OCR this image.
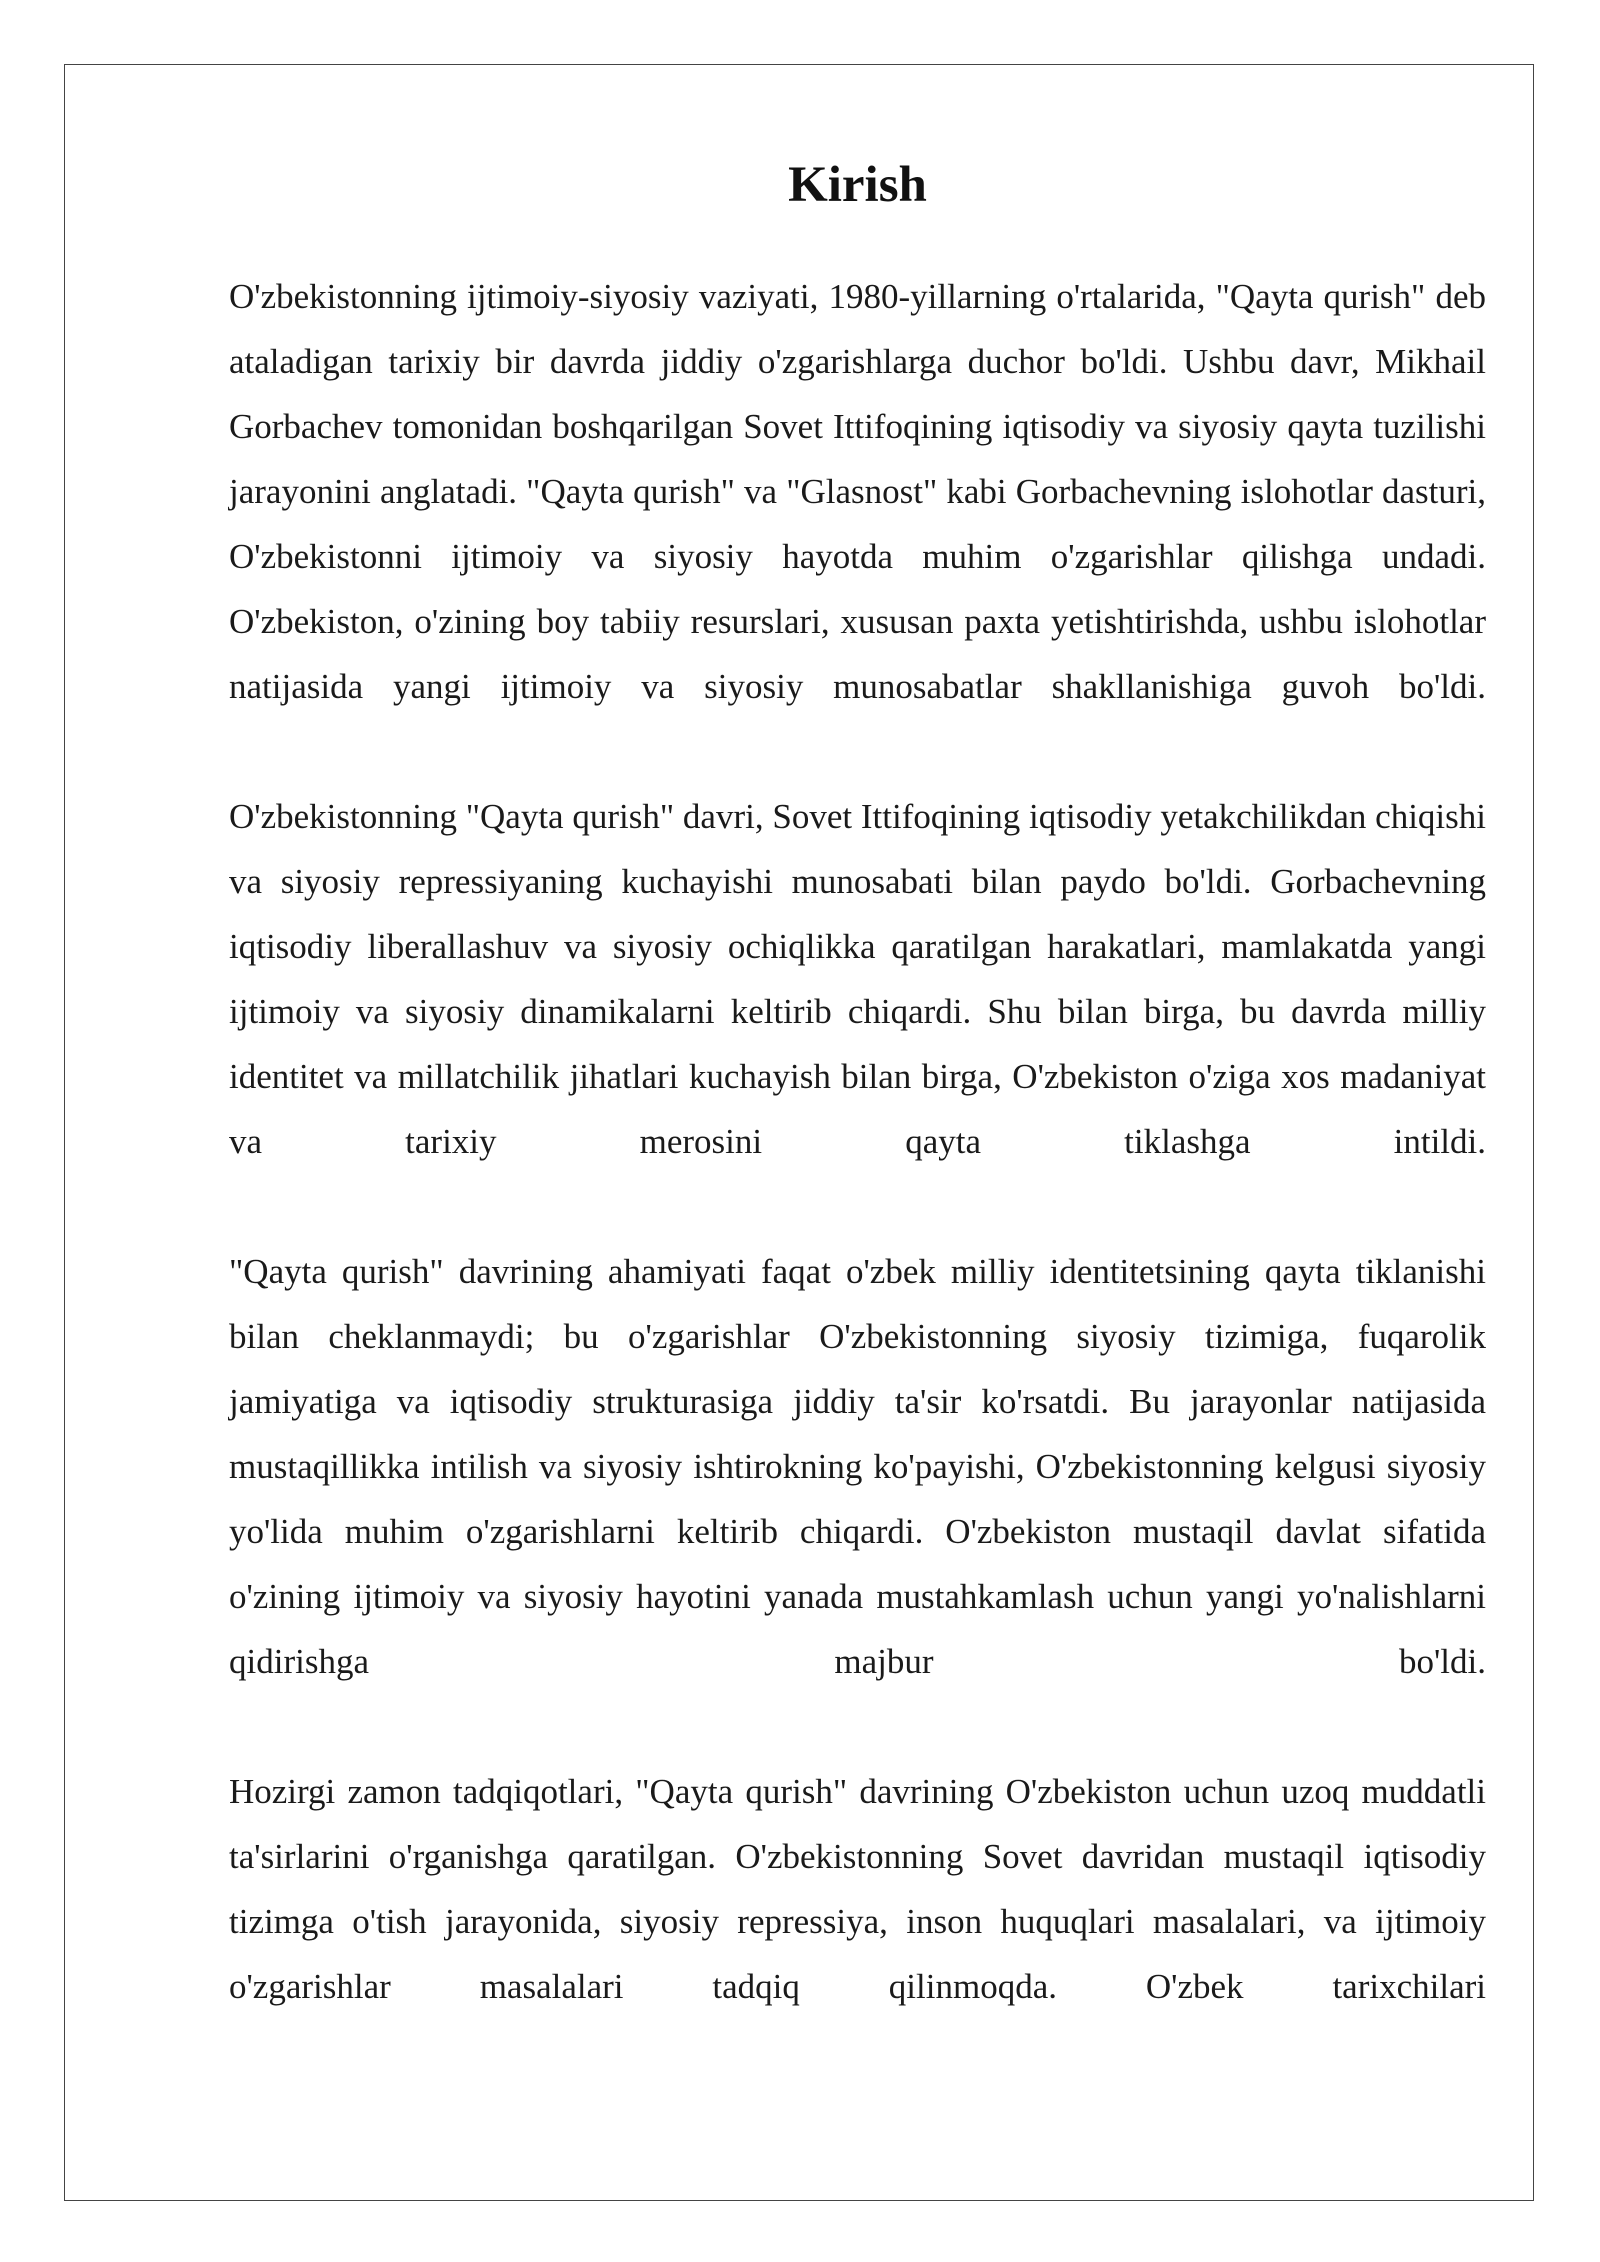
Kirish

O'zbekistonning ijtimoiy-siyosiy vaziyati, 1980-yillarning o'rtalarida, "Qayta qurish" deb ataladigan tarixiy bir davrda jiddiy o'zgarishlarga duchor bo'ldi. Ushbu davr, Mikhail Gorbachev tomonidan boshqarilgan Sovet Ittifoqining iqtisodiy va siyosiy qayta tuzilishi jarayonini anglatadi. "Qayta qurish" va "Glasnost" kabi Gorbachevning islohotlar dasturi, O'zbekistonni ijtimoiy va siyosiy hayotda muhim o'zgarishlar qilishga undadi. O'zbekiston, o'zining boy tabiiy resurslari, xususan paxta yetishtirishda, ushbu islohotlar natijasida yangi ijtimoiy va siyosiy munosabatlar shakllanishiga guvoh bo'ldi.

O'zbekistonning "Qayta qurish" davri, Sovet Ittifoqining iqtisodiy yetakchilikdan chiqishi va siyosiy repressiyaning kuchayishi munosabati bilan paydo bo'ldi. Gorbachevning iqtisodiy liberallashuv va siyosiy ochiqlikka qaratilgan harakatlari, mamlakatda yangi ijtimoiy va siyosiy dinamikalarni keltirib chiqardi. Shu bilan birga, bu davrda milliy identitet va millatchilik jihatlari kuchayish bilan birga, O'zbekiston o'ziga xos madaniyat va tarixiy merosini qayta tiklashga intildi.

"Qayta qurish" davrining ahamiyati faqat o'zbek milliy identitetsining qayta tiklanishi bilan cheklanmaydi; bu o'zgarishlar O'zbekistonning siyosiy tizimiga, fuqarolik jamiyatiga va iqtisodiy strukturasiga jiddiy ta'sir ko'rsatdi. Bu jarayonlar natijasida mustaqillikka intilish va siyosiy ishtirokning ko'payishi, O'zbekistonning kelgusi siyosiy yo'lida muhim o'zgarishlarni keltirib chiqardi. O'zbekiston mustaqil davlat sifatida o'zining ijtimoiy va siyosiy hayotini yanada mustahkamlash uchun yangi yo'nalishlarni qidirishga majbur bo'ldi.

Hozirgi zamon tadqiqotlari, "Qayta qurish" davrining O'zbekiston uchun uzoq muddatli ta'sirlarini o'rganishga qaratilgan. O'zbekistonning Sovet davridan mustaqil iqtisodiy tizimga o'tish jarayonida, siyosiy repressiya, inson huquqlari masalalari, va ijtimoiy o'zgarishlar masalalari tadqiq qilinmoqda. O'zbek tarixchilari
